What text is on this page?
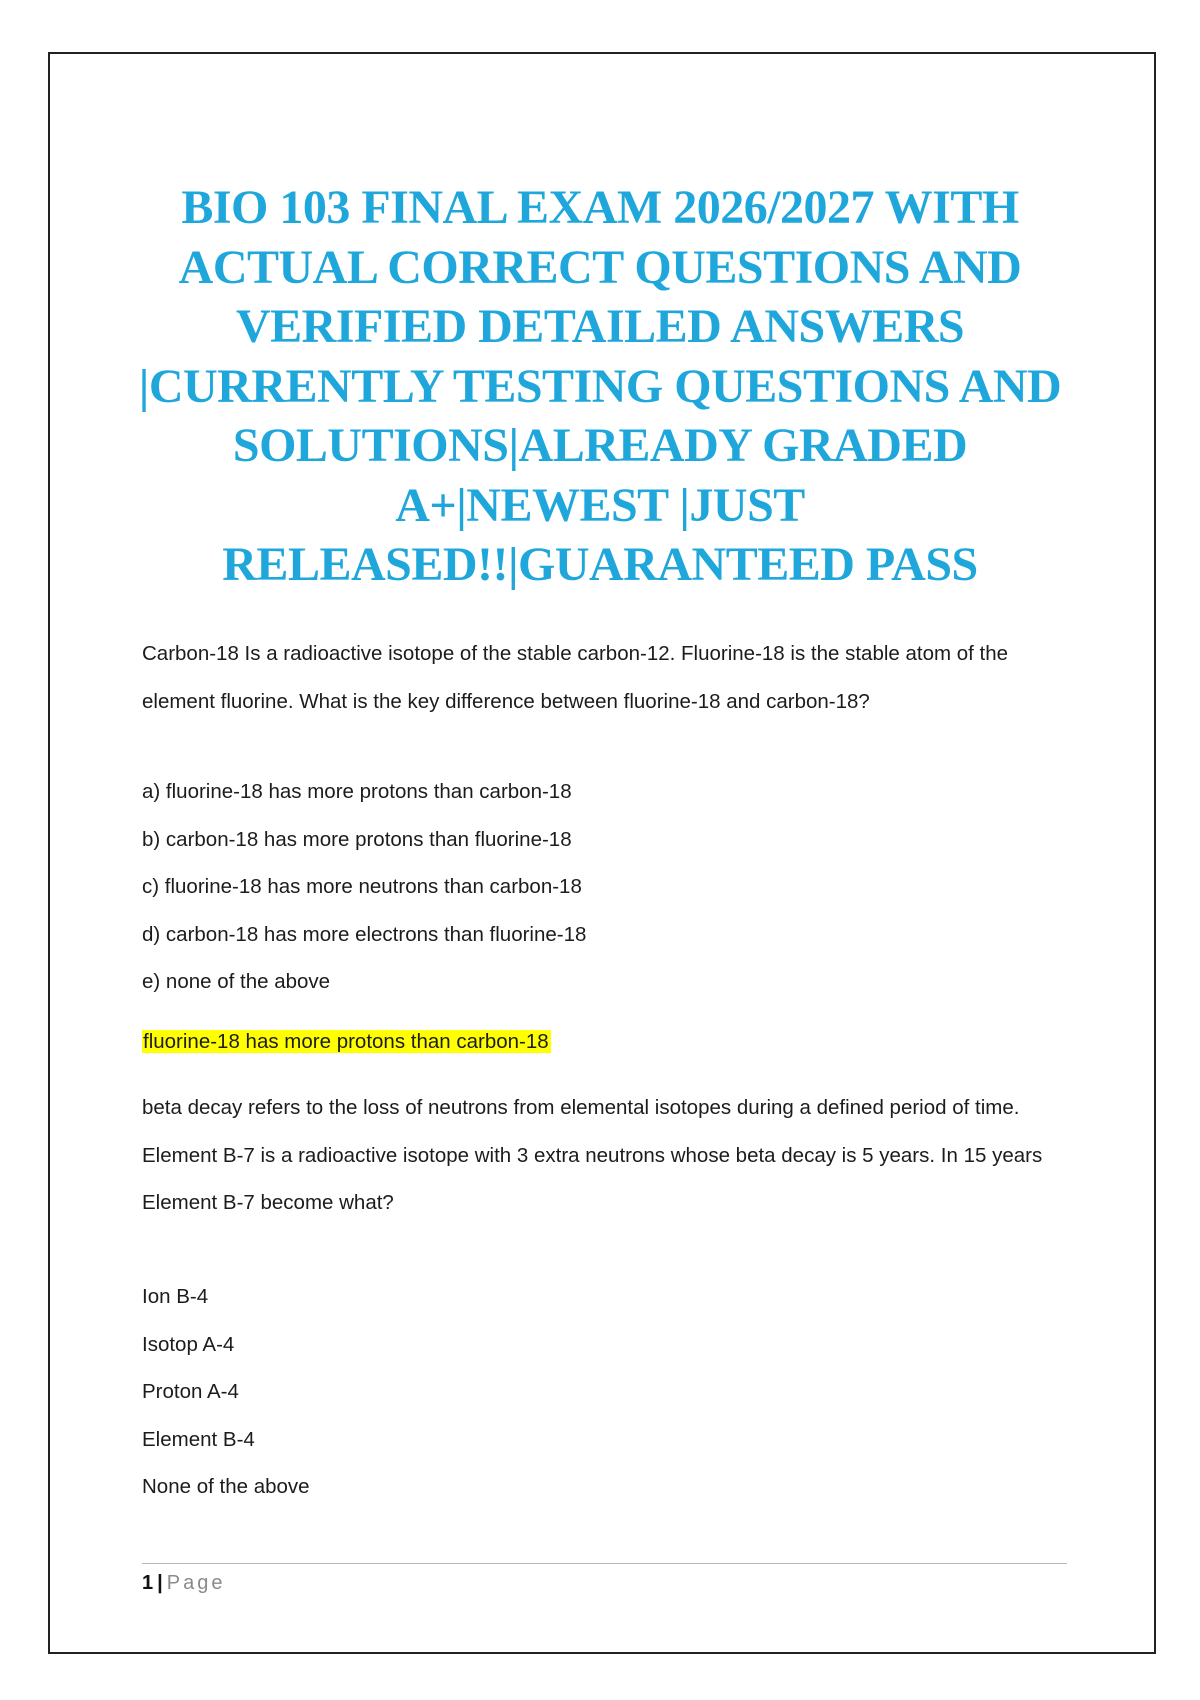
BIO 103 FINAL EXAM 2026/2027 WITH ACTUAL CORRECT QUESTIONS AND VERIFIED DETAILED ANSWERS |CURRENTLY TESTING QUESTIONS AND SOLUTIONS|ALREADY GRADED A+|NEWEST |JUST RELEASED!!|GUARANTEED PASS
Carbon-18 Is a radioactive isotope of the stable carbon-12. Fluorine-18 is the stable atom of the element fluorine. What is the key difference between fluorine-18 and carbon-18?
a) fluorine-18 has more protons than carbon-18
b) carbon-18 has more protons than fluorine-18
c) fluorine-18 has more neutrons than carbon-18
d) carbon-18 has more electrons than fluorine-18
e) none of the above
fluorine-18 has more protons than carbon-18
beta decay refers to the loss of neutrons from elemental isotopes during a defined period of time. Element B-7 is a radioactive isotope with 3 extra neutrons whose beta decay is 5 years. In 15 years Element B-7 become what?
Ion B-4
Isotop A-4
Proton A-4
Element B-4
None of the above
1 | Page
